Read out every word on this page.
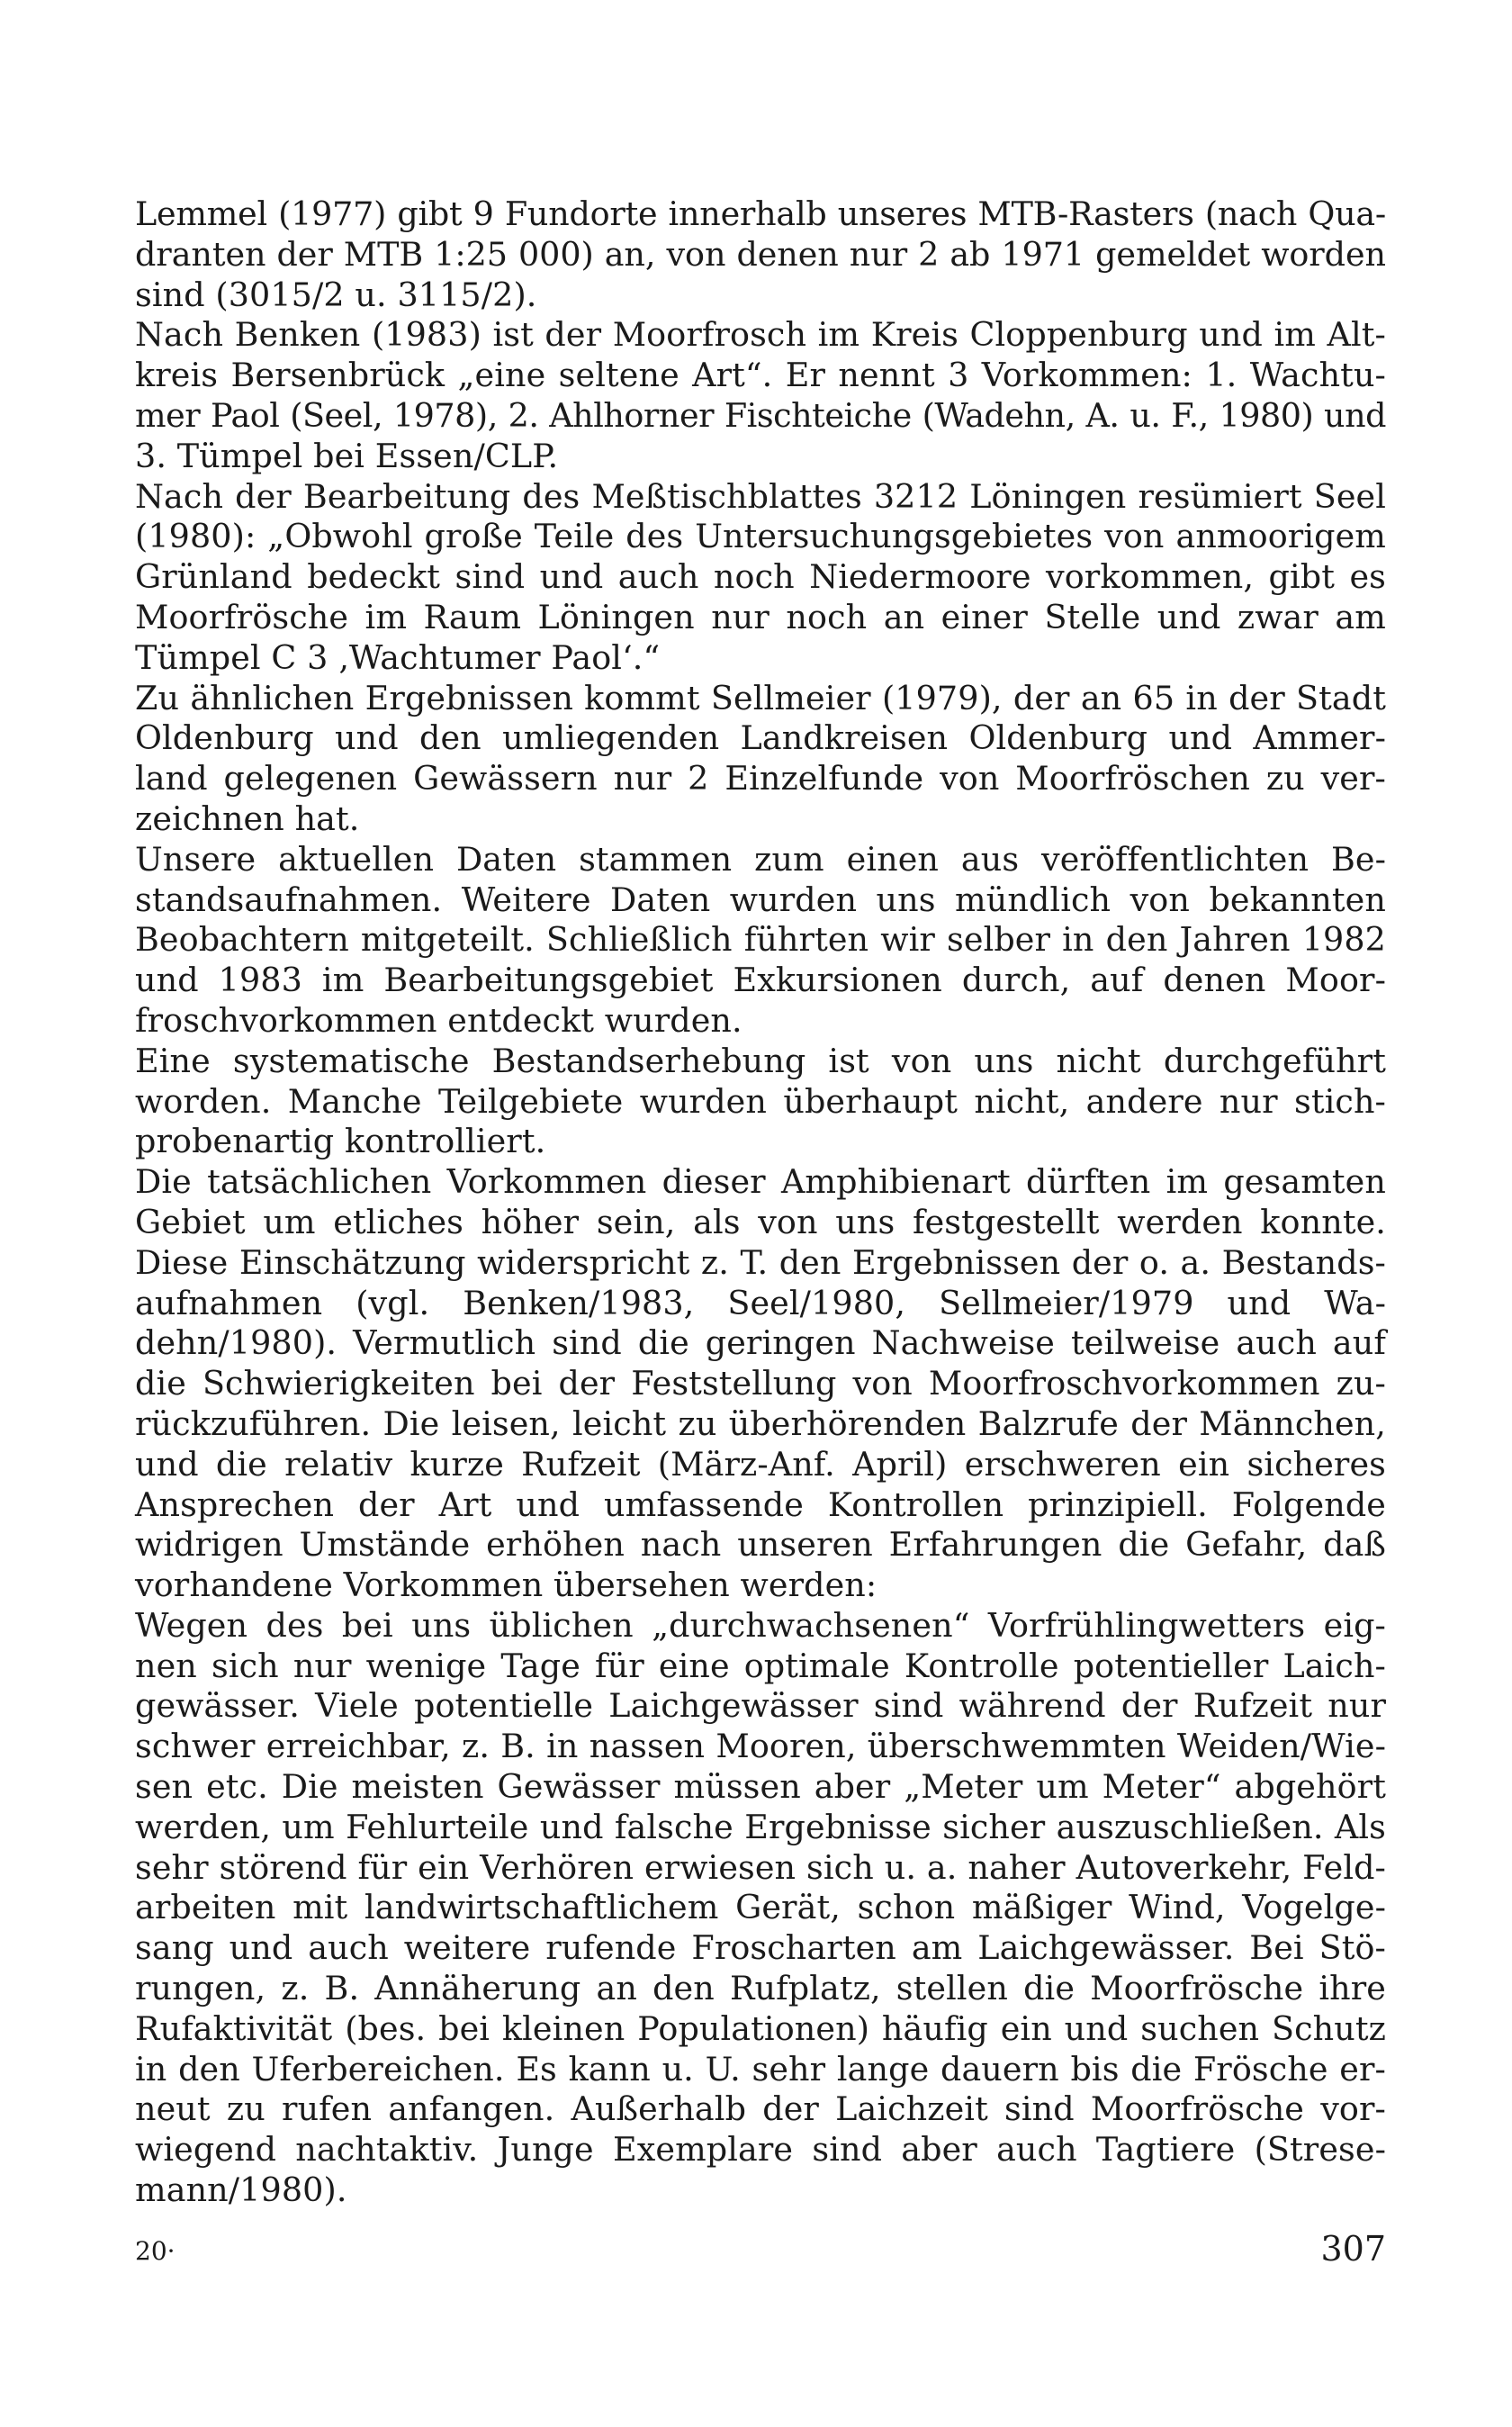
Lemmel (1977) gibt 9 Fundorte innerhalb unseres MTB-Rasters (nach Qua-
dranten der MTB 1:25 000) an, von denen nur 2 ab 1971 gemeldet worden
sind (3015/2 u. 3115/2).
Nach Benken (1983) ist der Moorfrosch im Kreis Cloppenburg und im Alt-
kreis Bersenbrück „eine seltene Art“. Er nennt 3 Vorkommen: 1. Wachtu-
mer Paol (Seel, 1978), 2. Ahlhorner Fischteiche (Wadehn, A. u. F., 1980) und
3. Tümpel bei Essen/CLP.
Nach der Bearbeitung des Meßtischblattes 3212 Löningen resümiert Seel
(1980): „Obwohl große Teile des Untersuchungsgebietes von anmoorigem
Grünland bedeckt sind und auch noch Niedermoore vorkommen, gibt es
Moorfrösche im Raum Löningen nur noch an einer Stelle und zwar am
Tümpel C 3 ‚Wachtumer Paol‘.“
Zu ähnlichen Ergebnissen kommt Sellmeier (1979), der an 65 in der Stadt
Oldenburg und den umliegenden Landkreisen Oldenburg und Ammer-
land gelegenen Gewässern nur 2 Einzelfunde von Moorfröschen zu ver-
zeichnen hat.
Unsere aktuellen Daten stammen zum einen aus veröffentlichten Be-
standsaufnahmen. Weitere Daten wurden uns mündlich von bekannten
Beobachtern mitgeteilt. Schließlich führten wir selber in den Jahren 1982
und 1983 im Bearbeitungsgebiet Exkursionen durch, auf denen Moor-
froschvorkommen entdeckt wurden.
Eine systematische Bestandserhebung ist von uns nicht durchgeführt
worden. Manche Teilgebiete wurden überhaupt nicht, andere nur stich-
probenartig kontrolliert.
Die tatsächlichen Vorkommen dieser Amphibienart dürften im gesamten
Gebiet um etliches höher sein, als von uns festgestellt werden konnte.
Diese Einschätzung widerspricht z. T. den Ergebnissen der o. a. Bestands-
aufnahmen (vgl. Benken/1983, Seel/1980, Sellmeier/1979 und Wa-
dehn/1980). Vermutlich sind die geringen Nachweise teilweise auch auf
die Schwierigkeiten bei der Feststellung von Moorfroschvorkommen zu-
rückzuführen. Die leisen, leicht zu überhörenden Balzrufe der Männchen,
und die relativ kurze Rufzeit (März-Anf. April) erschweren ein sicheres
Ansprechen der Art und umfassende Kontrollen prinzipiell. Folgende
widrigen Umstände erhöhen nach unseren Erfahrungen die Gefahr, daß
vorhandene Vorkommen übersehen werden:
Wegen des bei uns üblichen „durchwachsenen“ Vorfrühlingwetters eig-
nen sich nur wenige Tage für eine optimale Kontrolle potentieller Laich-
gewässer. Viele potentielle Laichgewässer sind während der Rufzeit nur
schwer erreichbar, z. B. in nassen Mooren, überschwemmten Weiden/Wie-
sen etc. Die meisten Gewässer müssen aber „Meter um Meter“ abgehört
werden, um Fehlurteile und falsche Ergebnisse sicher auszuschließen. Als
sehr störend für ein Verhören erwiesen sich u. a. naher Autoverkehr, Feld-
arbeiten mit landwirtschaftlichem Gerät, schon mäßiger Wind, Vogelge-
sang und auch weitere rufende Froscharten am Laichgewässer. Bei Stö-
rungen, z. B. Annäherung an den Rufplatz, stellen die Moorfrösche ihre
Rufaktivität (bes. bei kleinen Populationen) häufig ein und suchen Schutz
in den Uferbereichen. Es kann u. U. sehr lange dauern bis die Frösche er-
neut zu rufen anfangen. Außerhalb der Laichzeit sind Moorfrösche vor-
wiegend nachtaktiv. Junge Exemplare sind aber auch Tagtiere (Strese-
mann/1980).
20·	307
